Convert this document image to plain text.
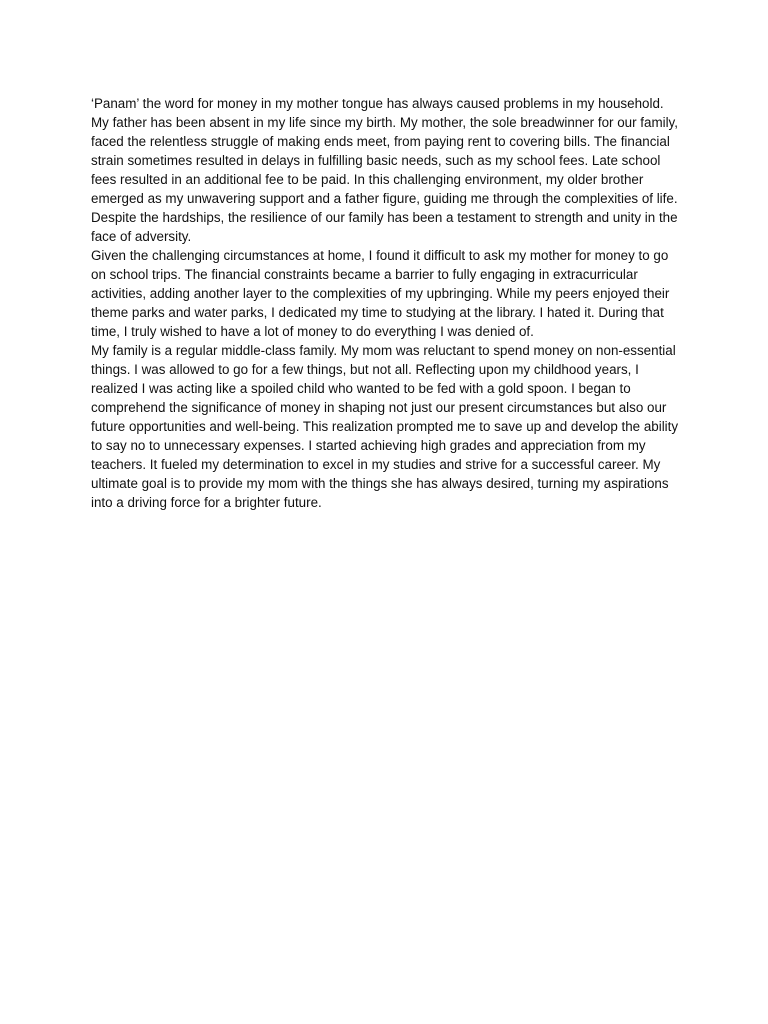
‘Panam’ the word for money in my mother tongue has always caused problems in my household. My father has been absent in my life since my birth. My mother, the sole breadwinner for our family, faced the relentless struggle of making ends meet, from paying rent to covering bills. The financial strain sometimes resulted in delays in fulfilling basic needs, such as my school fees. Late school fees resulted in an additional fee to be paid. In this challenging environment, my older brother emerged as my unwavering support and a father figure, guiding me through the complexities of life. Despite the hardships, the resilience of our family has been a testament to strength and unity in the face of adversity.

Given the challenging circumstances at home, I found it difficult to ask my mother for money to go on school trips. The financial constraints became a barrier to fully engaging in extracurricular activities, adding another layer to the complexities of my upbringing. While my peers enjoyed their theme parks and water parks, I dedicated my time to studying at the library. I hated it. During that time, I truly wished to have a lot of money to do everything I was denied of.

My family is a regular middle-class family. My mom was reluctant to spend money on non-essential things. I was allowed to go for a few things, but not all. Reflecting upon my childhood years, I realized I was acting like a spoiled child who wanted to be fed with a gold spoon. I began to comprehend the significance of money in shaping not just our present circumstances but also our future opportunities and well-being. This realization prompted me to save up and develop the ability to say no to unnecessary expenses. I started achieving high grades and appreciation from my teachers. It fueled my determination to excel in my studies and strive for a successful career. My ultimate goal is to provide my mom with the things she has always desired, turning my aspirations into a driving force for a brighter future.
